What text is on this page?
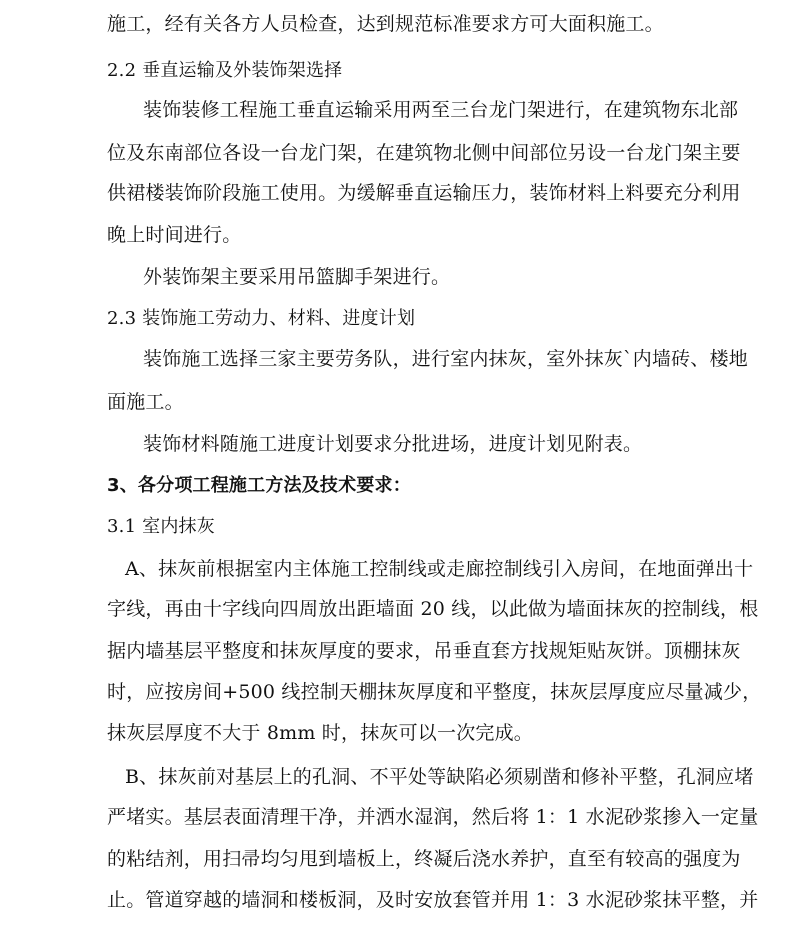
施工，经有关各方人员检查，达到规范标准要求方可大面积施工。
2.2 垂直运输及外装饰架选择
装饰装修工程施工垂直运输采用两至三台龙门架进行，在建筑物东北部
位及东南部位各设一台龙门架，在建筑物北侧中间部位另设一台龙门架主要
供裙楼装饰阶段施工使用。为缓解垂直运输压力，装饰材料上料要充分利用
晚上时间进行。
外装饰架主要采用吊篮脚手架进行。
2.3 装饰施工劳动力、材料、进度计划
装饰施工选择三家主要劳务队，进行室内抹灰，室外抹灰`内墙砖、楼地
面施工。
装饰材料随施工进度计划要求分批进场，进度计划见附表。
3、各分项工程施工方法及技术要求：
3.1 室内抹灰
A、抹灰前根据室内主体施工控制线或走廊控制线引入房间，在地面弹出十
字线，再由十字线向四周放出距墙面 20 线，以此做为墙面抹灰的控制线，根
据内墙基层平整度和抹灰厚度的要求，吊垂直套方找规矩贴灰饼。顶棚抹灰
时，应按房间+500 线控制天棚抹灰厚度和平整度，抹灰层厚度应尽量减少，
抹灰层厚度不大于 8mm 时，抹灰可以一次完成。
B、抹灰前对基层上的孔洞、不平处等缺陷必须剔凿和修补平整，孔洞应堵
严堵实。基层表面清理干净，并洒水湿润，然后将 1：1 水泥砂浆掺入一定量
的粘结剂，用扫帚均匀甩到墙板上，终凝后浇水养护，直至有较高的强度为
止。管道穿越的墙洞和楼板洞，及时安放套管并用 1：3 水泥砂浆抹平整，并
